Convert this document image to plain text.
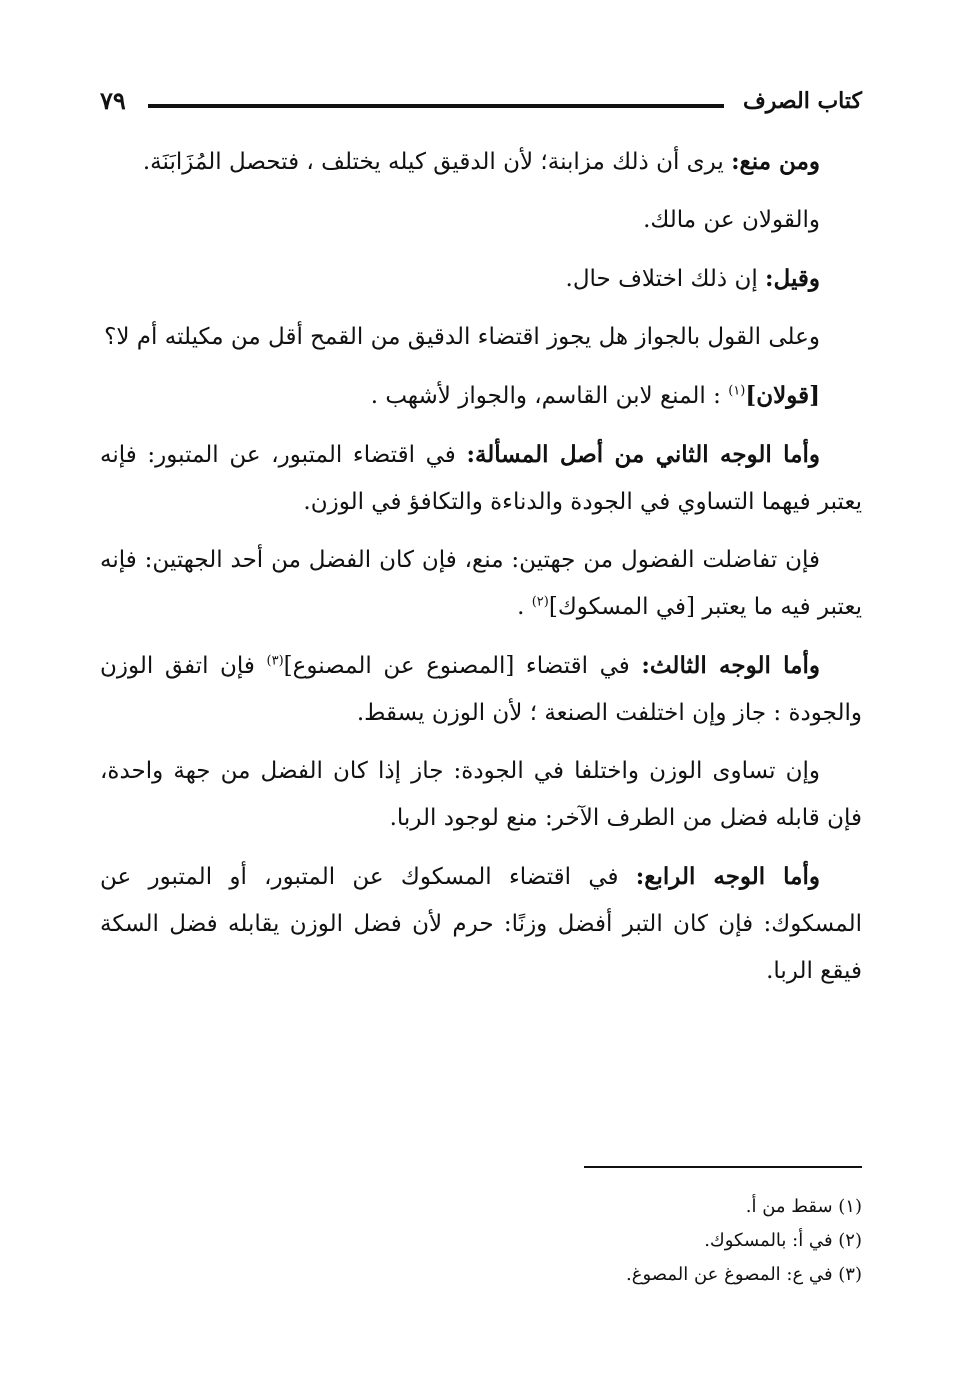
كتاب الصرف
٧٩

ومن منع: يرى أن ذلك مزابنة؛ لأن الدقيق كيله يختلف ، فتحصل المُزَابَنَة.

والقولان عن مالك.

وقيل: إن ذلك اختلاف حال.

وعلى القول بالجواز هل يجوز اقتضاء الدقيق من القمح أقل من مكيلته أم لا؟

[قولان]$^{(١)}$ : المنع لابن القاسم، والجواز لأشهب .

وأما الوجه الثاني من أصل المسألة: في اقتضاء المتبور، عن المتبور: فإنه يعتبر فيهما التساوي في الجودة والدناءة والتكافؤ في الوزن.

فإن تفاضلت الفضول من جهتين: منع، فإن كان الفضل من أحد الجهتين: فإنه يعتبر فيه ما يعتبر [في المسكوك]$^{(٢)}$ .

وأما الوجه الثالث: في اقتضاء [المصنوع عن المصنوع]$^{(٣)}$ فإن اتفق الوزن والجودة : جاز وإن اختلفت الصنعة ؛ لأن الوزن يسقط.

وإن تساوى الوزن واختلفا في الجودة: جاز إذا كان الفضل من جهة واحدة، فإن قابله فضل من الطرف الآخر: منع لوجود الربا.

وأما الوجه الرابع: في اقتضاء المسكوك عن المتبور، أو المتبور عن المسكوك: فإن كان التبر أفضل وزنًا: حرم لأن فضل الوزن يقابله فضل السكة فيقع الربا.

(١) سقط من أ.
(٢) في أ: بالمسكوك.
(٣) في ع: المصوغ عن المصوغ.
